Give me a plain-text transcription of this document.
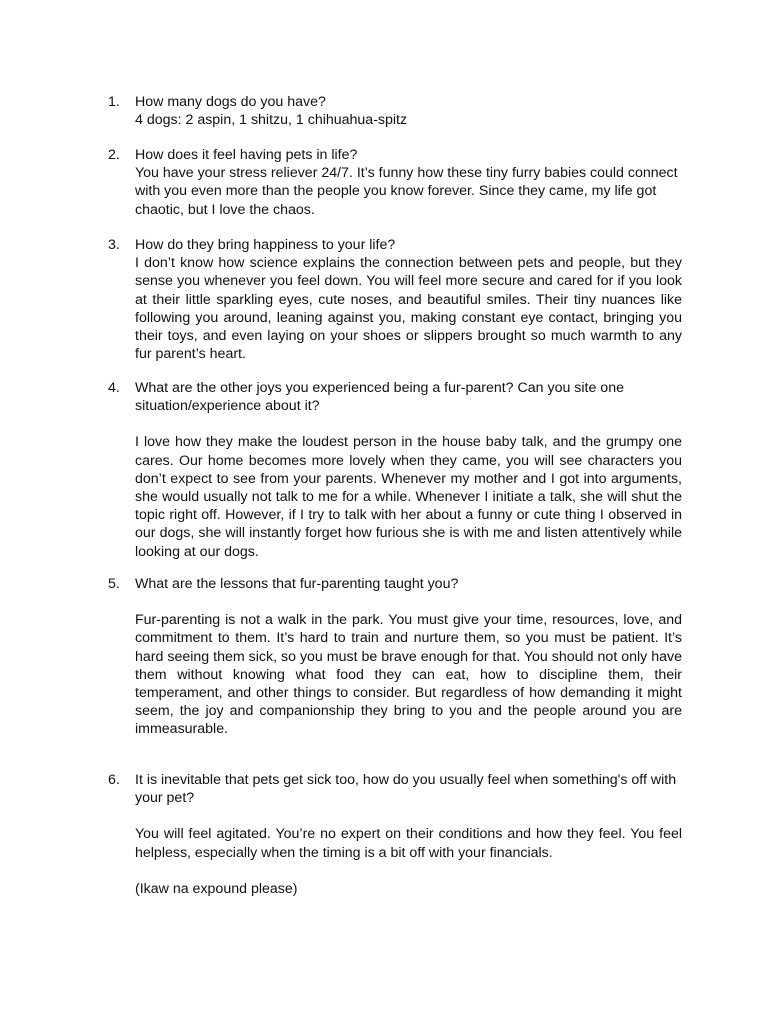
1.	How many dogs do you have?

4 dogs: 2 aspin, 1 shitzu, 1 chihuahua-spitz

2.	How does it feel having pets in life?

You have your stress reliever 24/7. It’s funny how these tiny furry babies could connect with you even more than the people you know forever. Since they came, my life got chaotic, but I love the chaos.

3.	How do they bring happiness to your life?

I don’t know how science explains the connection between pets and people, but they sense you whenever you feel down. You will feel more secure and cared for if you look at their little sparkling eyes, cute noses, and beautiful smiles. Their tiny nuances like following you around, leaning against you, making constant eye contact, bringing you their toys, and even laying on your shoes or slippers brought so much warmth to any fur parent’s heart.

4.	What are the other joys you experienced being a fur-parent? Can you site one situation/experience about it?

I love how they make the loudest person in the house baby talk, and the grumpy one cares. Our home becomes more lovely when they came, you will see characters you don’t expect to see from your parents. Whenever my mother and I got into arguments, she would usually not talk to me for a while. Whenever I initiate a talk, she will shut the topic right off. However, if I try to talk with her about a funny or cute thing I observed in our dogs, she will instantly forget how furious she is with me and listen attentively while looking at our dogs.

5.	What are the lessons that fur-parenting taught you?

Fur-parenting is not a walk in the park. You must give your time, resources, love, and commitment to them. It’s hard to train and nurture them, so you must be patient. It’s hard seeing them sick, so you must be brave enough for that. You should not only have them without knowing what food they can eat, how to discipline them, their temperament, and other things to consider. But regardless of how demanding it might seem, the joy and companionship they bring to you and the people around you are immeasurable.

6.	It is inevitable that pets get sick too, how do you usually feel when something's off with your pet?

You will feel agitated. You’re no expert on their conditions and how they feel. You feel helpless, especially when the timing is a bit off with your financials.

(Ikaw na expound please)
